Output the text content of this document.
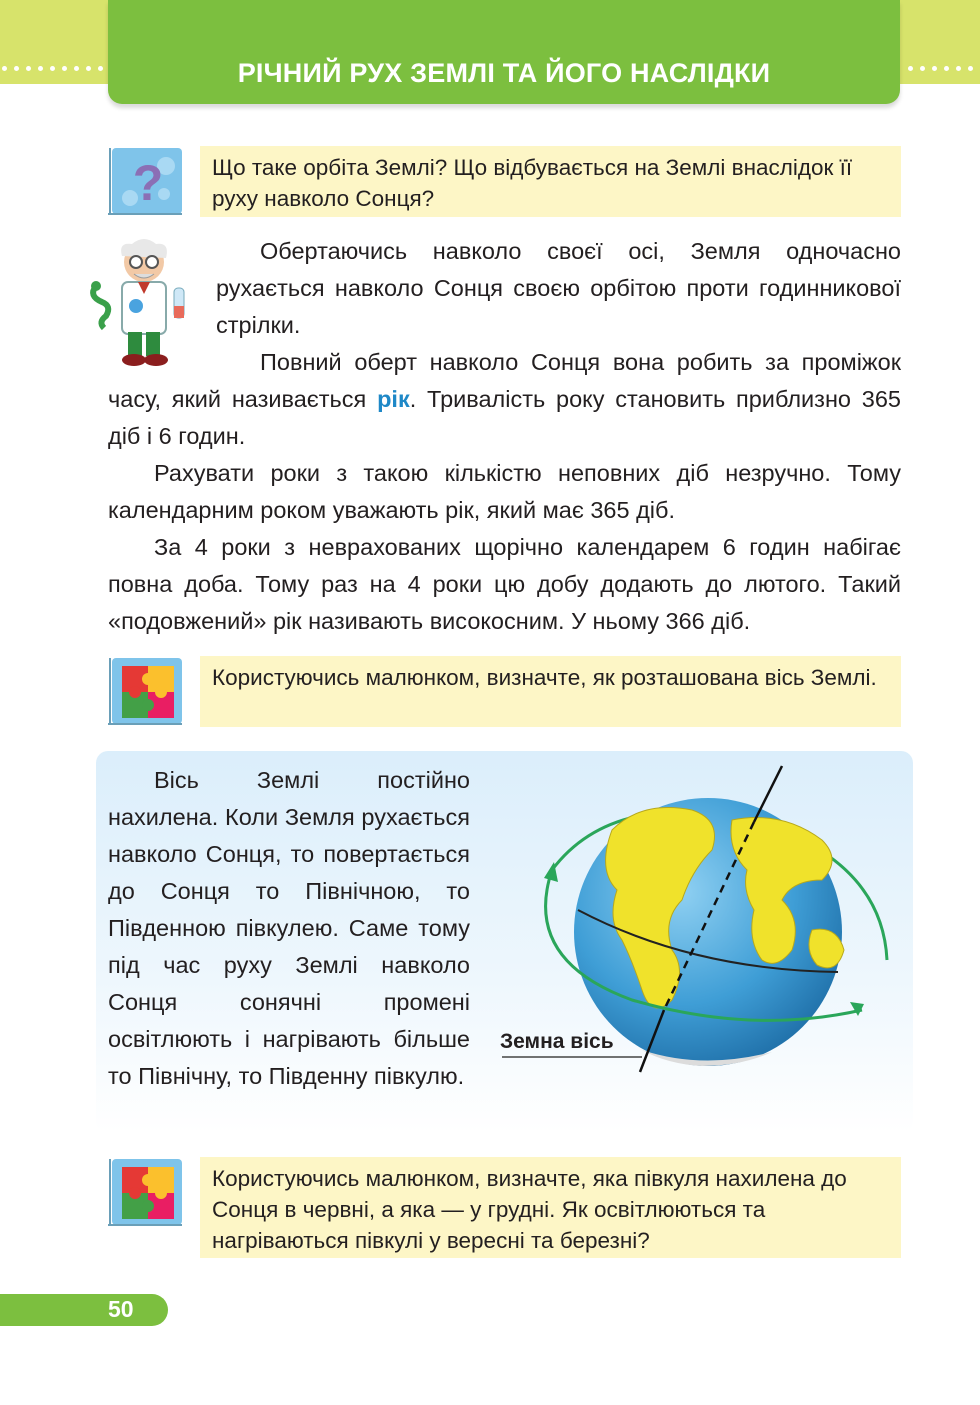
РІЧНИЙ РУХ ЗЕМЛІ ТА ЙОГО НАСЛІДКИ
?	Що таке орбіта Землі? Що відбувається на Землі внаслідок її руху навколо Сонця?

Обертаючись навколо своєї осі, Земля одночасно рухається навколо Сонця своєю орбітою проти годинникової стрілки.

Повний оберт навколо Сонця вона робить за проміжок часу, який називається рік. Тривалість року становить приблизно 365 діб і 6 годин.

Рахувати роки з такою кількістю неповних діб незручно. Тому календарним роком уважають рік, який має 365 діб.

За 4 роки з неврахованих щорічно календарем 6 годин набігає повна доба. Тому раз на 4 роки цю добу додають до лютого. Такий «подовжений» рік називають високосним. У ньому 366 діб.

Користуючись малюнком, визначте, як розташована вісь Землі.

Вісь Землі постійно нахилена. Коли Земля рухається навколо Сонця, то повертається до Сонця то Північною, то Південною півкулею. Саме тому під час руху Землі навколо Сонця сонячні промені освітлюють і нагрівають більше то Північну, то Південну півкулю.

Земна вісь
Користуючись малюнком, визначте, яка півкуля нахилена до Сонця в червні, а яка — у грудні. Як освітлюються та нагріваються півкулі у вересні та березні?
50
